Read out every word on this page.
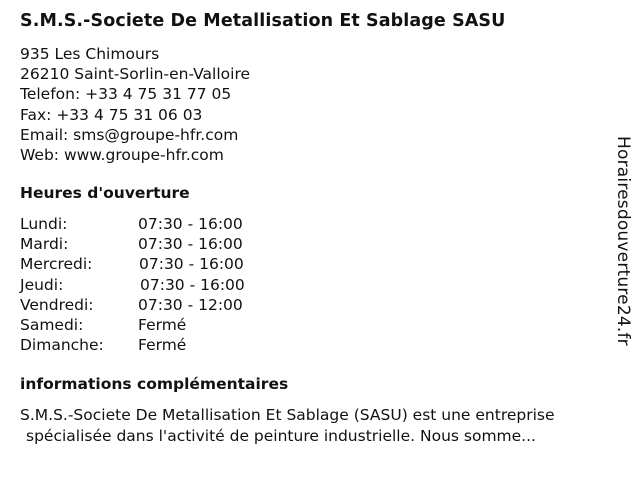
S.M.S.-Societe De Metallisation Et Sablage SASU
935 Les Chimours
26210 Saint-Sorlin-en-Valloire
Telefon: +33 4 75 31 77 05
Fax: +33 4 75 31 06 03
Email: sms@groupe-hfr.com
Web: www.groupe-hfr.com
Heures d'ouverture
Lundi:	07:30 - 16:00
Mardi:	07:30 - 16:00
Mercredi:	07:30 - 16:00
Jeudi:	07:30 - 16:00
Vendredi:	07:30 - 12:00
Samedi:	Fermé
Dimanche: Fermé
informations complémentaires
S.M.S.-Societe De Metallisation Et Sablage (SASU) est une entreprise
spécialisée dans l'activité de peinture industrielle. Nous somme...
Horairesdouverture24.fr
